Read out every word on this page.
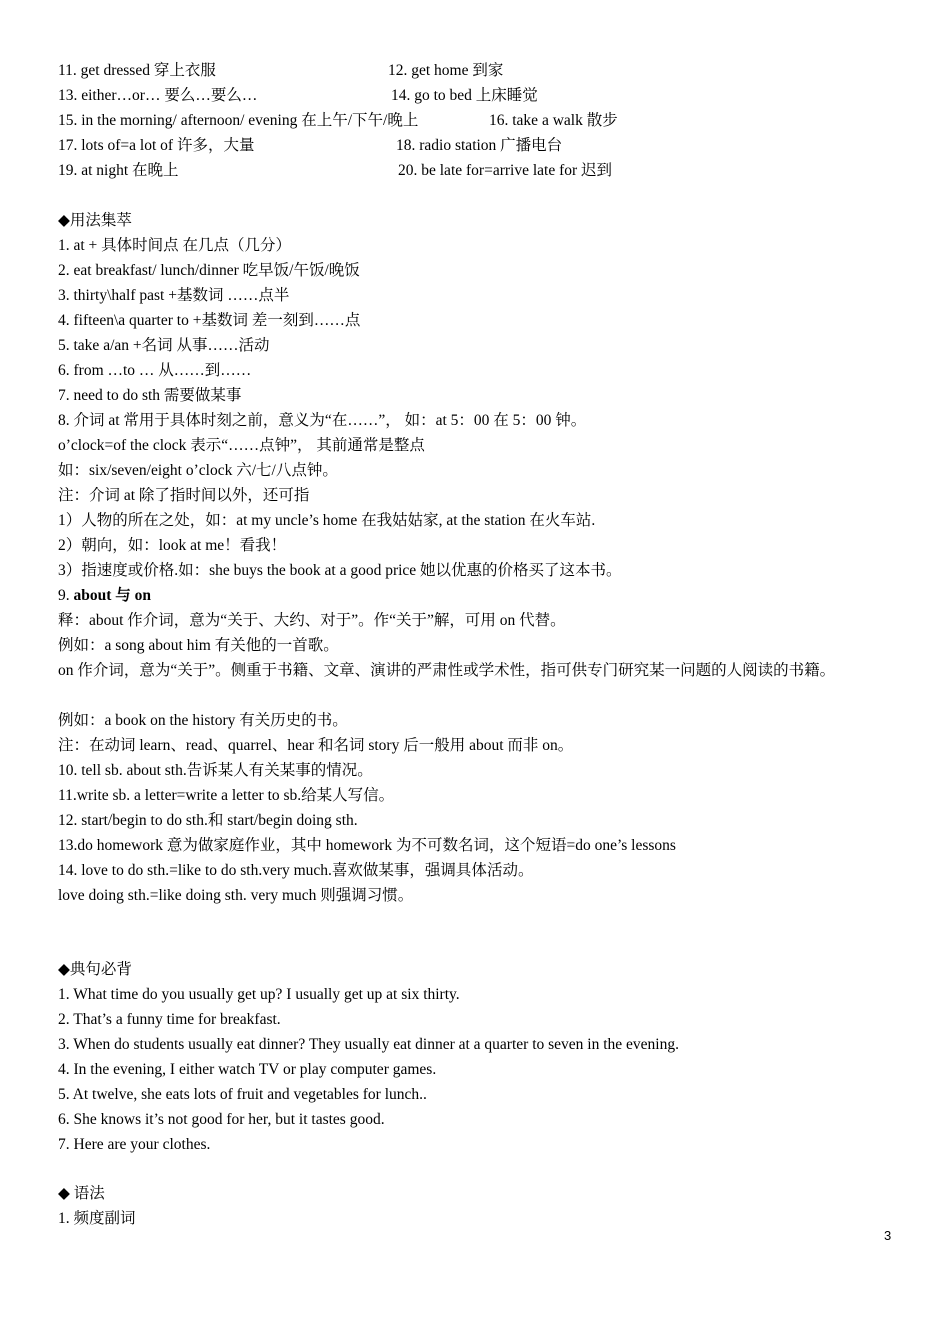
11. get dressed 穿上衣服	12. get home 到家
13. either…or… 要么…要么…	14. go to bed 上床睡觉
15. in the morning/ afternoon/ evening 在上午/下午/晚上	16. take a walk 散步
17. lots of=a lot of 许多，大量	18. radio station 广播电台
19. at night 在晚上	20. be late for=arrive late for 迟到
◆用法集萃
1. at + 具体时间点 在几点（几分）
2. eat breakfast/ lunch/dinner 吃早饭/午饭/晚饭
3. thirty\half past +基数词 ……点半
4. fifteen\a quarter to +基数词 差一刻到……点
5. take a/an +名词 从事……活动
6. from …to … 从……到……
7. need to do sth 需要做某事
8. 介词 at 常用于具体时刻之前，意义为“在……”， 如：at 5：00 在 5：00 钟。
o’clock=of the clock 表示“……点钟”， 其前通常是整点
如：six/seven/eight o’clock 六/七/八点钟。
注：介词 at 除了指时间以外，还可指
1）人物的所在之处，如：at my uncle’s home 在我姑姑家, at the station 在火车站.
2）朝向，如：look at me！看我！
3）指速度或价格.如：she buys the book at a good price 她以优惠的价格买了这本书。
9. about 与 on
释：about 作介词，意为“关于、大约、对于”。作“关于”解，可用 on 代替。
例如：a song about him 有关他的一首歌。
on 作介词，意为“关于”。侧重于书籍、文章、演讲的严肃性或学术性，指可供专门研究某一问题的人阅读的书籍。
例如：a book on the history 有关历史的书。
注：在动词 learn、read、quarrel、hear 和名词 story 后一般用 about 而非 on。
10. tell sb. about sth.告诉某人有关某事的情况。
11.write sb. a letter=write a letter to sb.给某人写信。
12. start/begin to do sth.和 start/begin doing sth.
13.do homework 意为做家庭作业，其中 homework 为不可数名词，这个短语=do one’s lessons
14. love to do sth.=like to do sth.very much.喜欢做某事，强调具体活动。
love doing sth.=like doing sth. very much 则强调习惯。
◆典句必背
1. What time do you usually get up? I usually get up at six thirty.
2. That’s a funny time for breakfast.
3. When do students usually eat dinner? They usually eat dinner at a quarter to seven in the evening.
4. In the evening, I either watch TV or play computer games.
5. At twelve, she eats lots of fruit and vegetables for lunch..
6. She knows it’s not good for her, but it tastes good.
7. Here are your clothes.
◆ 语法
1. 频度副词
3
